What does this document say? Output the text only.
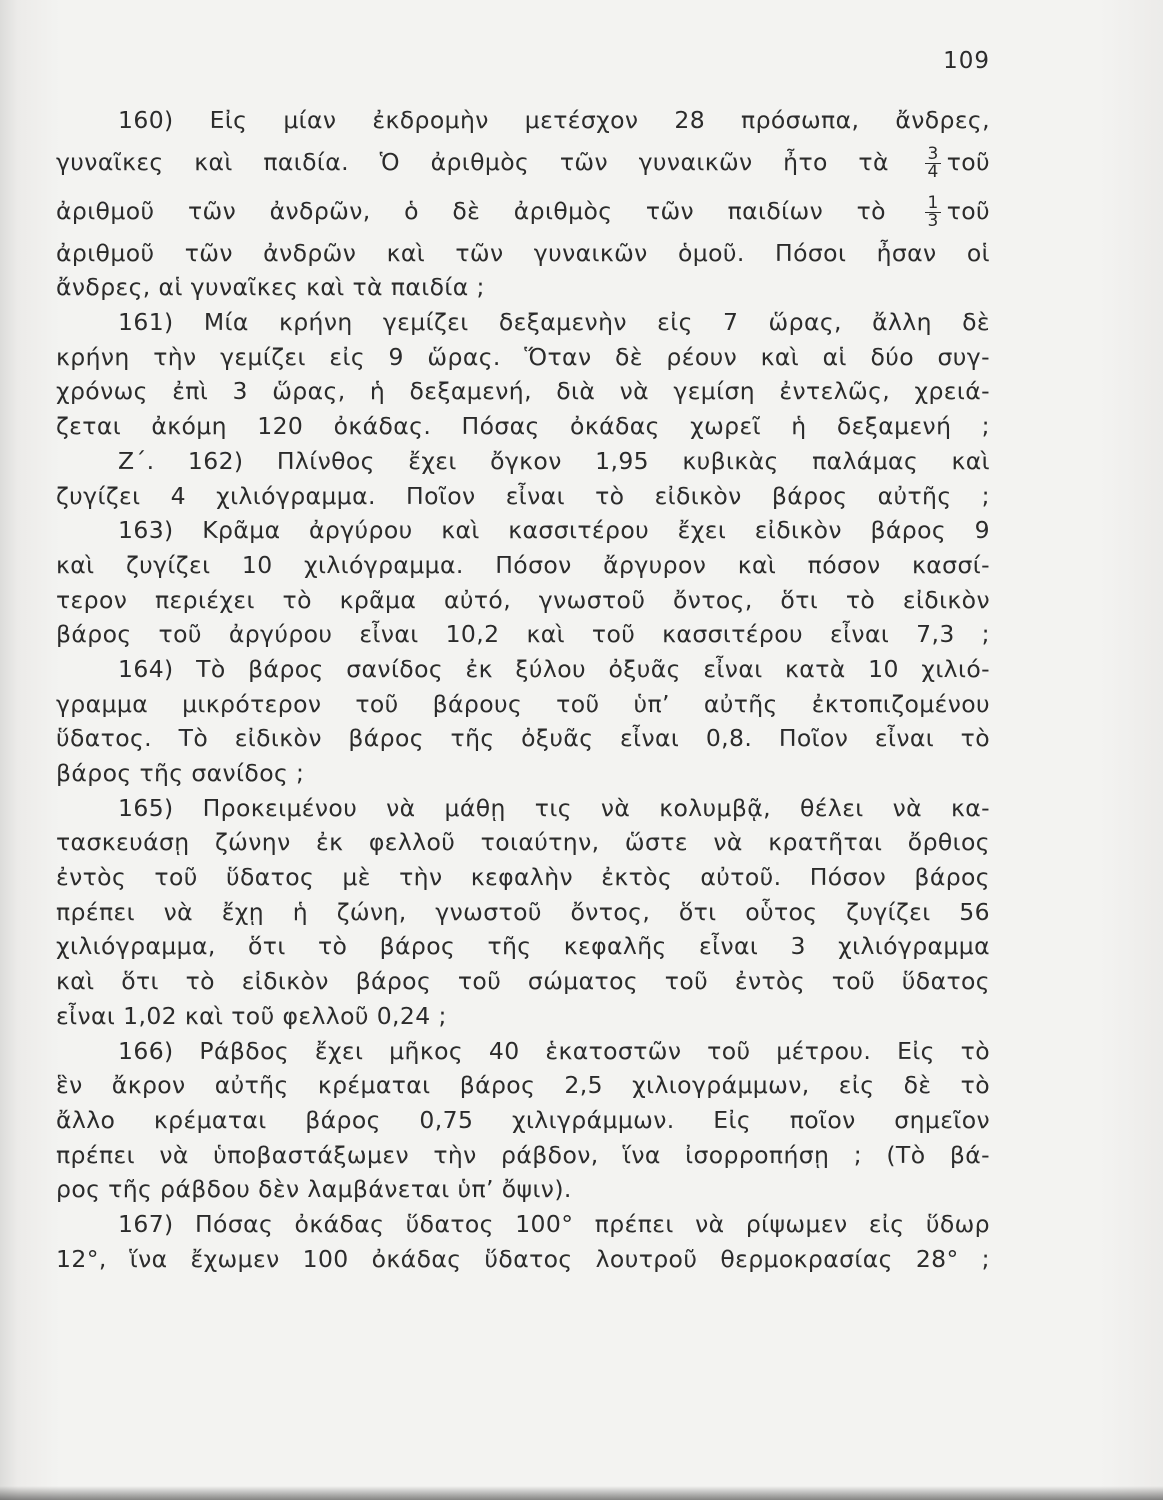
109
160) Εἰς μίαν ἐκδρομὴν μετέσχον 28 πρόσωπα, ἄνδρες,
γυναῖκες καὶ παιδία. Ὁ ἀριθμὸς τῶν γυναικῶν ἦτο τὰ $\frac{3}{4}$ τοῦ
ἀριθμοῦ τῶν ἀνδρῶν, ὁ δὲ ἀριθμὸς τῶν παιδίων τὸ $\frac{1}{3}$ τοῦ
ἀριθμοῦ τῶν ἀνδρῶν καὶ τῶν γυναικῶν ὁμοῦ. Πόσοι ἦσαν οἱ
ἄνδρες, αἱ γυναῖκες καὶ τὰ παιδία ;
161) Μία κρήνη γεμίζει δεξαμενὴν εἰς 7 ὥρας, ἄλλη δὲ
κρήνη τὴν γεμίζει εἰς 9 ὥρας. Ὅταν δὲ ρέουν καὶ αἱ δύο συγ-
χρόνως ἐπὶ 3 ὥρας, ἡ δεξαμενή, διὰ νὰ γεμίση ἐντελῶς, χρειά-
ζεται ἀκόμη 120 ὀκάδας. Πόσας ὀκάδας χωρεῖ ἡ δεξαμενή ;
Ζ΄. 162) Πλίνθος ἔχει ὄγκον 1,95 κυβικὰς παλάμας καὶ
ζυγίζει 4 χιλιόγραμμα. Ποῖον εἶναι τὸ εἰδικὸν βάρος αὐτῆς ;
163) Κρᾶμα ἀργύρου καὶ κασσιτέρου ἔχει εἰδικὸν βάρος 9
καὶ ζυγίζει 10 χιλιόγραμμα. Πόσον ἄργυρον καὶ πόσον κασσί-
τερον περιέχει τὸ κρᾶμα αὐτό, γνωστοῦ ὄντος, ὅτι τὸ εἰδικὸν
βάρος τοῦ ἀργύρου εἶναι 10,2 καὶ τοῦ κασσιτέρου εἶναι 7,3 ;
164) Τὸ βάρος σανίδος ἐκ ξύλου ὀξυᾶς εἶναι κατὰ 10 χιλιό-
γραμμα μικρότερον τοῦ βάρους τοῦ ὑπ’ αὐτῆς ἐκτοπιζομένου
ὕδατος. Τὸ εἰδικὸν βάρος τῆς ὀξυᾶς εἶναι 0,8. Ποῖον εἶναι τὸ
βάρος τῆς σανίδος ;
165) Προκειμένου νὰ μάθῃ τις νὰ κολυμβᾷ, θέλει νὰ κα-
τασκευάσῃ ζώνην ἐκ φελλοῦ τοιαύτην, ὥστε νὰ κρατῆται ὄρθιος
ἐντὸς τοῦ ὕδατος μὲ τὴν κεφαλὴν ἐκτὸς αὐτοῦ. Πόσον βάρος
πρέπει νὰ ἔχῃ ἡ ζώνη, γνωστοῦ ὄντος, ὅτι οὗτος ζυγίζει 56
χιλιόγραμμα, ὅτι τὸ βάρος τῆς κεφαλῆς εἶναι 3 χιλιόγραμμα
καὶ ὅτι τὸ εἰδικὸν βάρος τοῦ σώματος τοῦ ἐντὸς τοῦ ὕδατος
εἶναι 1,02 καὶ τοῦ φελλοῦ 0,24 ;
166) Ράβδος ἔχει μῆκος 40 ἑκατοστῶν τοῦ μέτρου. Εἰς τὸ
ἓν ἄκρον αὐτῆς κρέμαται βάρος 2,5 χιλιογράμμων, εἰς δὲ τὸ
ἄλλο κρέμαται βάρος 0,75 χιλιγράμμων. Εἰς ποῖον σημεῖον
πρέπει νὰ ὑποβαστάξωμεν τὴν ράβδον, ἵνα ἰσορροπήσῃ ; (Τὸ βά-
ρος τῆς ράβδου δὲν λαμβάνεται ὑπ’ ὄψιν).
167) Πόσας ὀκάδας ὕδατος 100° πρέπει νὰ ρίψωμεν εἰς ὕδωρ
12°, ἵνα ἔχωμεν 100 ὀκάδας ὕδατος λουτροῦ θερμοκρασίας 28° ;
